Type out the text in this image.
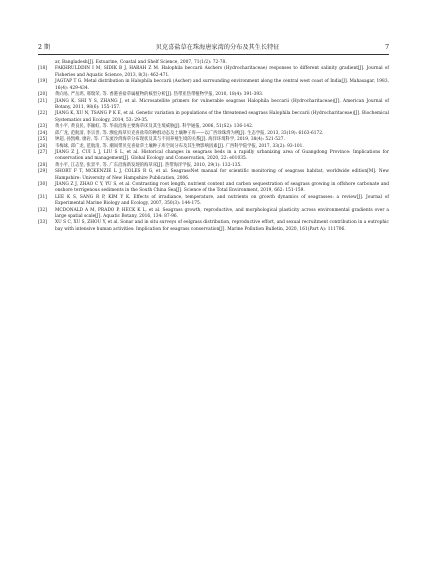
2 期	贝克喜盐草在珠海唐家湾的分布及其生长特征	7
ar, Bangladesh[J]. Estuarine, Coastal and Shelf Science, 2007, 71(1/2): 72-78.
[18]	FAKHRULDDIN I M, SIDIK B J, HARAH Z M. Halophila beccarii Aschers (Hydrocharitaceae) responses to different salinity gradient[J]. Journal of Fisheries and Aquatic Science, 2013, 8(3): 462-471.
[19]	JAGTAP T G. Metal distribution in Halophila beccarii (Ascher) and surrounding environment along the central west coast of India[J]. Mahasagar, 1983, 16(4): 429-434.
[20]	黄向易, 严岳鸿, 邢瑞荣, 等. 香港喜盐草属植物的核型分析[J]. 热带亚热带植物学报, 2010, 18(4): 391-393.
[21]	JIANG K, SHI Y S, ZHANG J, et al. Microsatellite primers for vulnerable seagrass Halophila beccarii (Hydrocharitaceae)[J]. American Journal of Botany, 2011, 98(6): 155-157.
[22]	JIANG K, XU N, TSANG P K E, et al. Genetic variation in populations of the threatened seagrass Halophila beccarii (Hydrocharitaceae)[J]. Biochemical Systematics and Ecology, 2014, 53: 29-35.
[23]	黄小平, 黄良民, 李颖虹, 等. 华南沿海主要海草床及其生境威胁[J]. 科学通报, 2006, 51(S2): 136-142.
[24]	邱广龙, 范航清, 李宗善, 等. 濒危海草贝克喜盐草的种群动态及土壤种子库——以广西珍珠湾为例[J]. 生态学报, 2013, 33(19): 6163-6172.
[25]	钟超, 孙凯峰, 廖岩, 等. 广东流沙湾海草分布现状及其与不同养殖生境的关系[J]. 海洋环境科学, 2019, 38(4): 521-527.
[26]	韦梅球, 邱广龙, 范航清, 等. 潮间带贝克喜盐草土壤种子库空间分布及其生物影响因素[J]. 广西科学院学报, 2017, 33(2): 93-101.
[27]	JIANG Z J, CUI L J, LIU S L, et al. Historical changes in seagrass beds in a rapidly urbanizing area of Guangdong Province: Implications for conservation and management[J]. Global Ecology and Conservation, 2020, 22: e01035.
[28]	黄小平, 江志坚, 张景平, 等. 广东沿海新发现的海草床[J]. 热带海洋学报, 2010, 29(1): 132-135.
[29]	SHORT F T, MCKENZIE L J, COLES R G, et al. SeagrassNet manual for scientific monitoring of seagrass habitat, worldwide edition[M]. New Hampshire: University of New Hampshire Publication, 2006.
[30]	JIANG Z J, ZHAO C Y, YU S, et al. Contrasting root length, nutrient content and carbon sequestration of seagrass growing in offshore carbonate and onshore terrigenous sediments in the South China Sea[J]. Science of the Total Environment, 2019, 662: 151-159.
[31]	LEE K S, SANG R P, KIM Y K. Effects of irradiance, temperature, and nutrients on growth dynamics of seagrasses: a review[J]. Journal of Experimental Marine Biology and Ecology, 2007, 350(3): 144-175.
[32]	MCDONALD A M, PRADO P, HECK K L, et al. Seagrass growth, reproductive, and morphological plasticity across environmental gradients over a large spatial scale[J]. Aquatic Botany, 2016, 134: 87-96.
[33]	XU S C, XU S, ZHOU Y, et al. Sonar and in situ surveys of eelgrass distribution, reproductive effort, and sexual recruitment contribution in a eutrophic bay with intensive human activities: Implication for seagrass conservation[J]. Marine Pollution Bulletin, 2020, 161(Part A): 111706.
